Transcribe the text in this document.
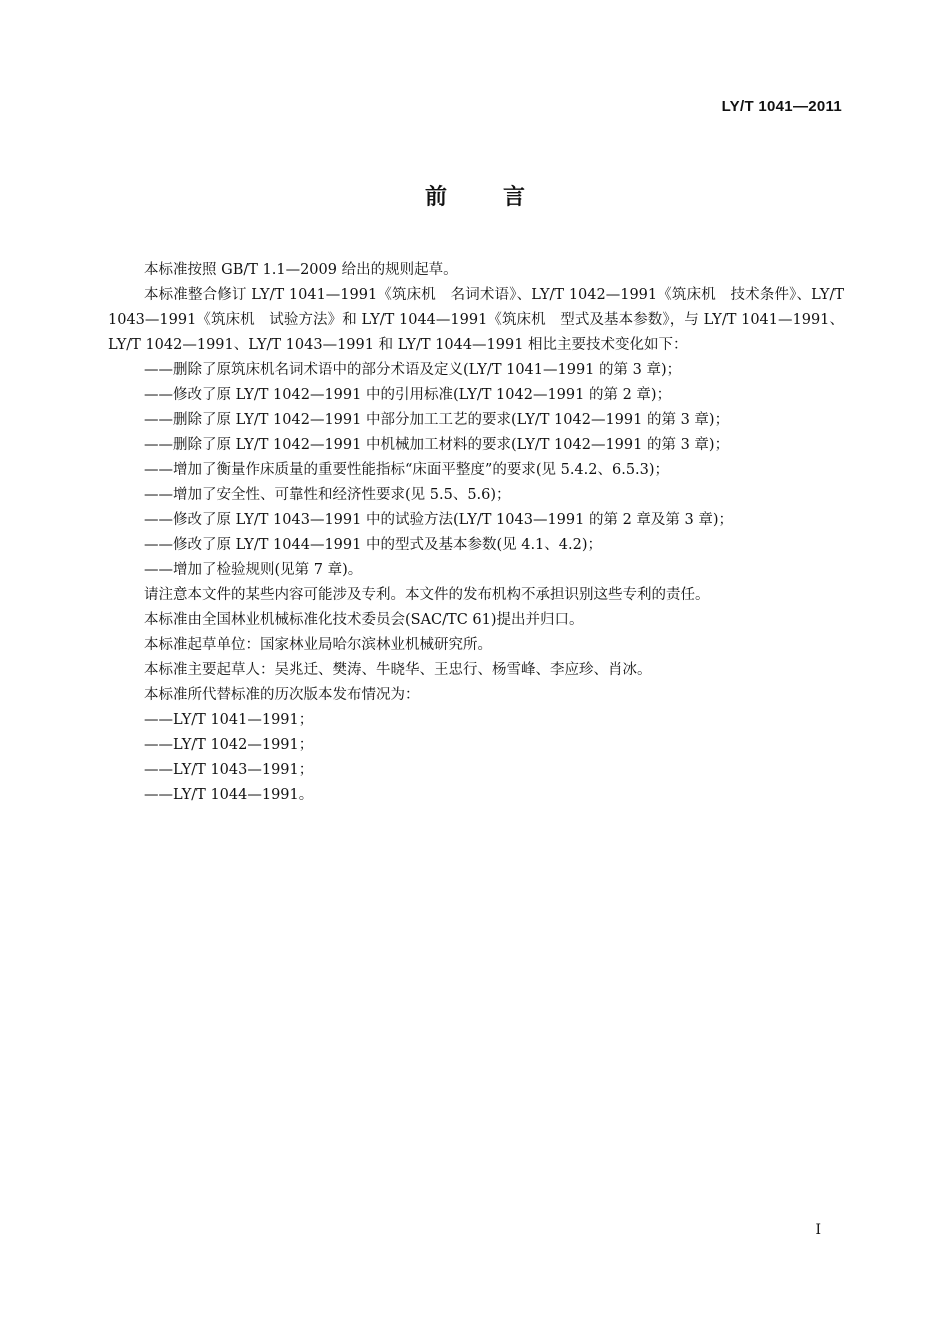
LY/T 1041—2011
前言

本标准按照 GB/T 1.1—2009 给出的规则起草。

本标准整合修订 LY/T 1041—1991《筑床机　名词术语》、LY/T 1042—1991《筑床机　技术条件》、LY/T 1043—1991《筑床机　试验方法》和 LY/T 1044—1991《筑床机　型式及基本参数》，与 LY/T 1041—1991、LY/T 1042—1991、LY/T 1043—1991 和 LY/T 1044—1991 相比主要技术变化如下：

——删除了原筑床机名词术语中的部分术语及定义(LY/T 1041—1991 的第 3 章)；

——修改了原 LY/T 1042—1991 中的引用标准(LY/T 1042—1991 的第 2 章)；

——删除了原 LY/T 1042—1991 中部分加工工艺的要求(LY/T 1042—1991 的第 3 章)；

——删除了原 LY/T 1042—1991 中机械加工材料的要求(LY/T 1042—1991 的第 3 章)；

——增加了衡量作床质量的重要性能指标“床面平整度”的要求(见 5.4.2、6.5.3)；

——增加了安全性、可靠性和经济性要求(见 5.5、5.6)；

——修改了原 LY/T 1043—1991 中的试验方法(LY/T 1043—1991 的第 2 章及第 3 章)；

——修改了原 LY/T 1044—1991 中的型式及基本参数(见 4.1、4.2)；

——增加了检验规则(见第 7 章)。

请注意本文件的某些内容可能涉及专利。本文件的发布机构不承担识别这些专利的责任。

本标准由全国林业机械标准化技术委员会(SAC/TC 61)提出并归口。

本标准起草单位：国家林业局哈尔滨林业机械研究所。

本标准主要起草人：吴兆迁、樊涛、牛晓华、王忠行、杨雪峰、李应珍、肖冰。

本标准所代替标准的历次版本发布情况为：

——LY/T 1041—1991；

——LY/T 1042—1991；

——LY/T 1043—1991；

——LY/T 1044—1991。

I
